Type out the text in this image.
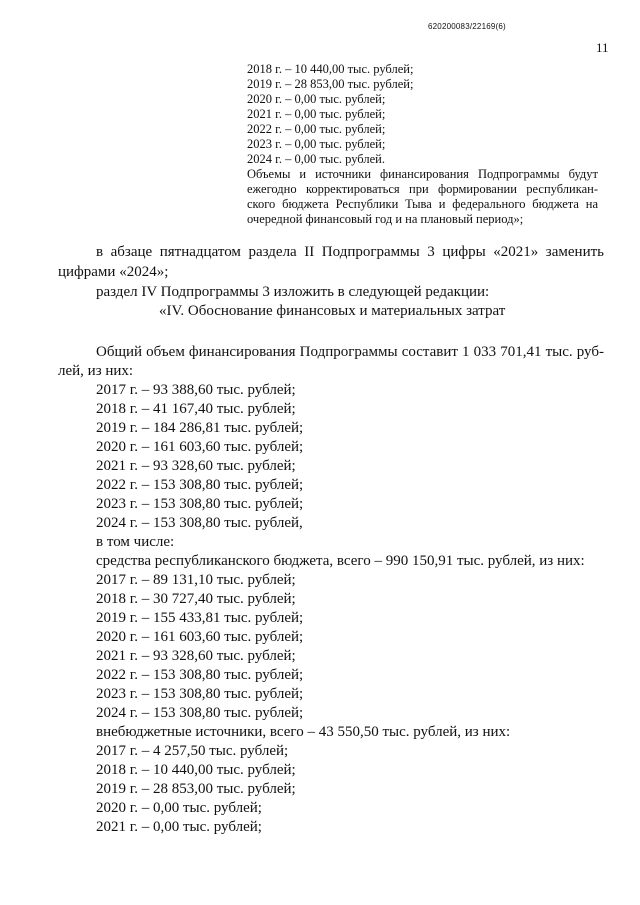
620200083/22169(6)
11
2018 г. – 10 440,00 тыс. рублей;
2019 г. – 28 853,00 тыс. рублей;
2020 г. – 0,00 тыс. рублей;
2021 г. – 0,00 тыс. рублей;
2022 г. – 0,00 тыс. рублей;
2023 г. – 0,00 тыс. рублей;
2024 г. – 0,00 тыс. рублей.
Объемы и источники финансирования Подпрограммы будут
ежегодно корректироваться при формировании республикан-
ского бюджета Республики Тыва и федерального бюджета на
очередной финансовый год и на плановый период»;
в абзаце пятнадцатом раздела II Подпрограммы 3 цифры «2021» заменить
цифрами «2024»;
раздел IV Подпрограммы 3 изложить в следующей редакции:
«IV. Обоснование финансовых и материальных затрат
Общий объем финансирования Подпрограммы составит 1 033 701,41 тыс. руб-
лей, из них:
2017 г. – 93 388,60 тыс. рублей;
2018 г. – 41 167,40 тыс. рублей;
2019 г. – 184 286,81 тыс. рублей;
2020 г. – 161 603,60 тыс. рублей;
2021 г. – 93 328,60 тыс. рублей;
2022 г. – 153 308,80 тыс. рублей;
2023 г. – 153 308,80 тыс. рублей;
2024 г. – 153 308,80 тыс. рублей,
в том числе:
средства республиканского бюджета, всего – 990 150,91 тыс. рублей, из них:
2017 г. – 89 131,10 тыс. рублей;
2018 г. – 30 727,40 тыс. рублей;
2019 г. – 155 433,81 тыс. рублей;
2020 г. – 161 603,60 тыс. рублей;
2021 г. – 93 328,60 тыс. рублей;
2022 г. – 153 308,80 тыс. рублей;
2023 г. – 153 308,80 тыс. рублей;
2024 г. – 153 308,80 тыс. рублей;
внебюджетные источники, всего – 43 550,50 тыс. рублей, из них:
2017 г. – 4 257,50 тыс. рублей;
2018 г. – 10 440,00 тыс. рублей;
2019 г. – 28 853,00 тыс. рублей;
2020 г. – 0,00 тыс. рублей;
2021 г. – 0,00 тыс. рублей;
